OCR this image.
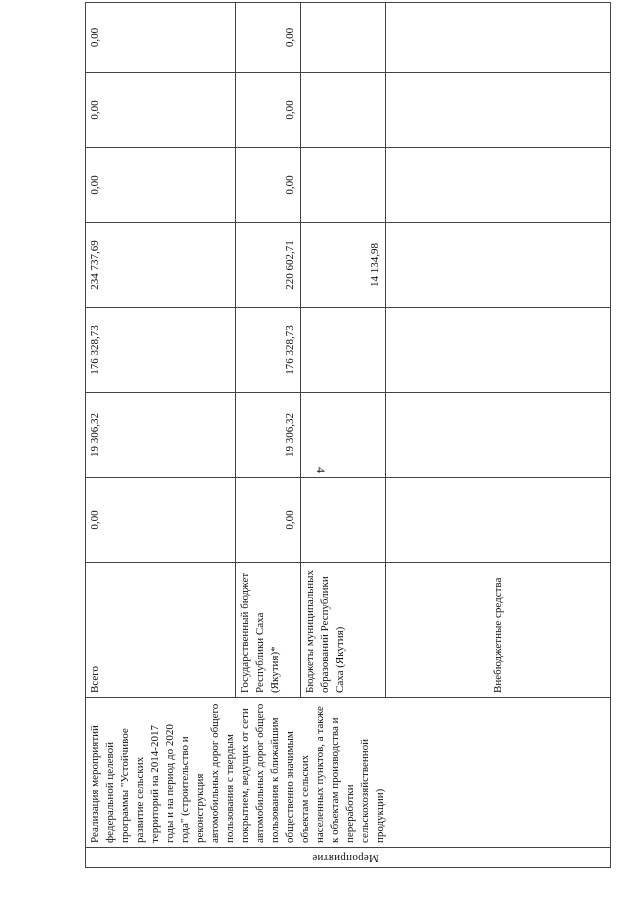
4
Мероприятие	Реализация мероприятий федеральной целевой программы "Устойчивое развитие сельских территорий на 2014-2017 годы и на период до 2020 года" (строительство и реконструкция автомобильных дорог общего пользования с твердым покрытием, ведущих от сети автомобильных дорог общего пользования к ближайшим общественно значимым объектам сельских населенных пунктов, а также к объектам производства и переработки сельскохозяйственной продукции)	Всего	0,00	19 306,32	176 328,73	234 737,69	0,00	0,00	0,00
		Государственный бюджет Республики Саха (Якутия)*	0,00	19 306,32	176 328,73	220 602,71	0,00	0,00	0,00
		Бюджеты муниципальных образований Республики Саха (Якутия)				14 134,98			
		Внебюджетные средства							
